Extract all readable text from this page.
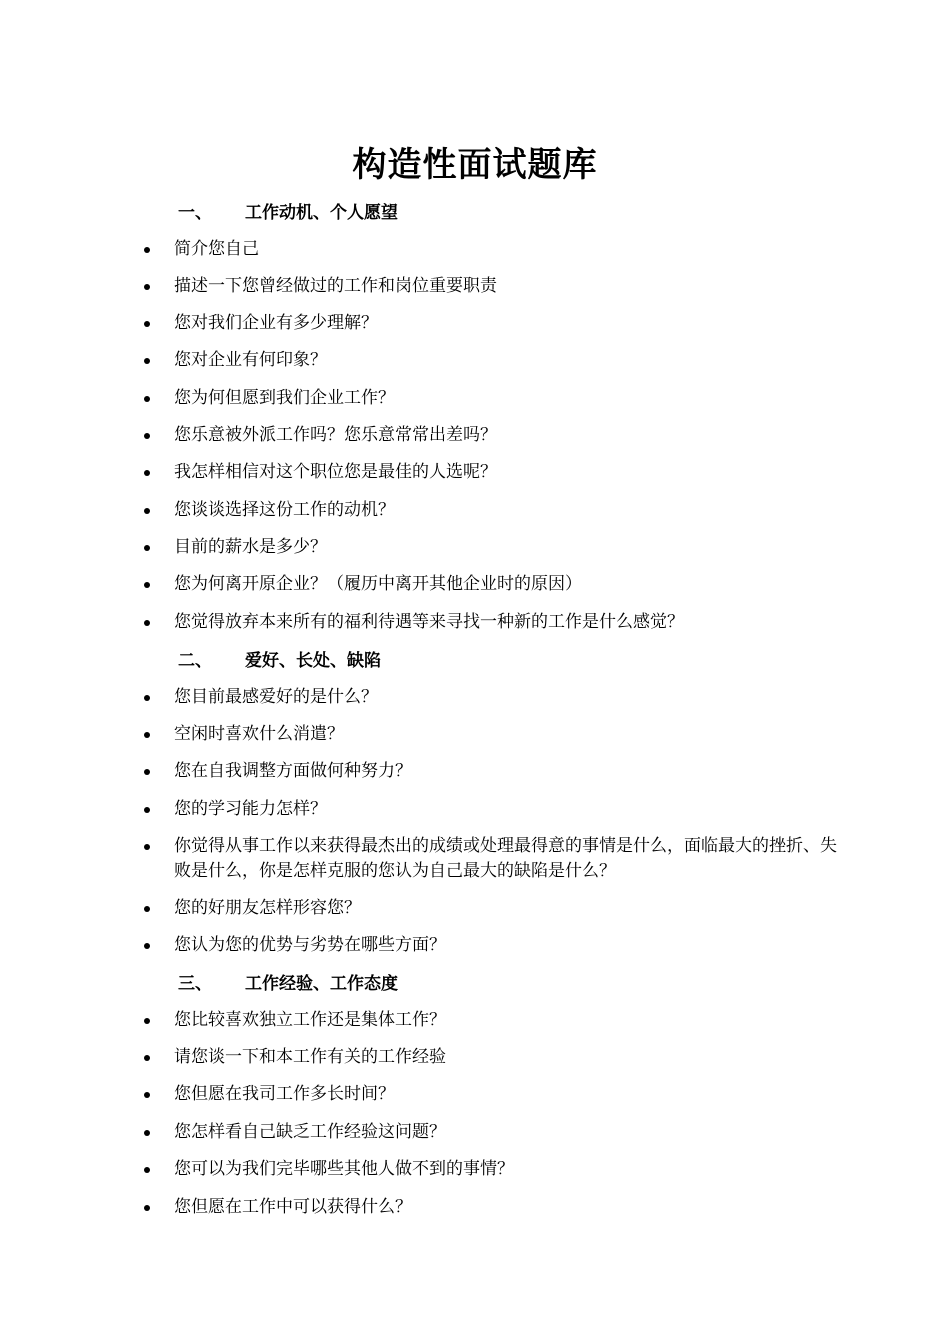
构造性面试题库
一、 工作动机、个人愿望
简介您自己
描述一下您曾经做过的工作和岗位重要职责
您对我们企业有多少理解？
您对企业有何印象？
您为何但愿到我们企业工作？
您乐意被外派工作吗？您乐意常常出差吗？
我怎样相信对这个职位您是最佳的人选呢？
您谈谈选择这份工作的动机？
目前的薪水是多少？
您为何离开原企业？（履历中离开其他企业时的原因）
您觉得放弃本来所有的福利待遇等来寻找一种新的工作是什么感觉？
二、 爱好、长处、缺陷
您目前最感爱好的是什么？
空闲时喜欢什么消遣？
您在自我调整方面做何种努力？
您的学习能力怎样？
你觉得从事工作以来获得最杰出的成绩或处理最得意的事情是什么，面临最大的挫折、失败是什么，你是怎样克服的您认为自己最大的缺陷是什么？
您的好朋友怎样形容您？
您认为您的优势与劣势在哪些方面？
三、 工作经验、工作态度
您比较喜欢独立工作还是集体工作？
请您谈一下和本工作有关的工作经验
您但愿在我司工作多长时间？
您怎样看自己缺乏工作经验这问题？
您可以为我们完毕哪些其他人做不到的事情？
您但愿在工作中可以获得什么？
